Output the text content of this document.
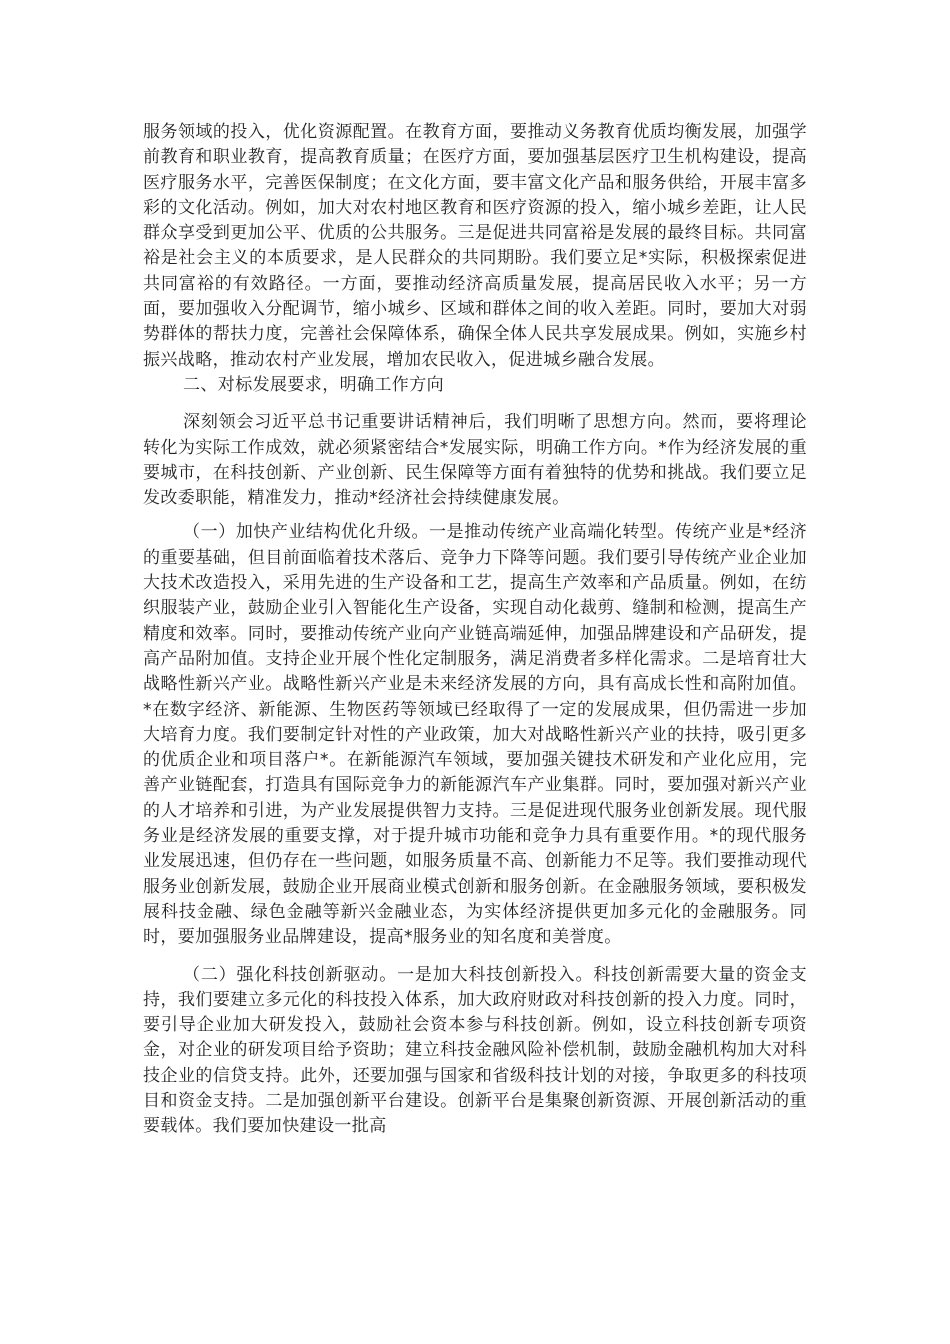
服务领域的投入，优化资源配置。在教育方面，要推动义务教育优质均衡发展，加强学前教育和职业教育，提高教育质量；在医疗方面，要加强基层医疗卫生机构建设，提高医疗服务水平，完善医保制度；在文化方面，要丰富文化产品和服务供给，开展丰富多彩的文化活动。例如，加大对农村地区教育和医疗资源的投入，缩小城乡差距，让人民群众享受到更加公平、优质的公共服务。三是促进共同富裕是发展的最终目标。共同富裕是社会主义的本质要求，是人民群众的共同期盼。我们要立足*实际，积极探索促进共同富裕的有效路径。一方面，要推动经济高质量发展，提高居民收入水平；另一方面，要加强收入分配调节，缩小城乡、区域和群体之间的收入差距。同时，要加大对弱势群体的帮扶力度，完善社会保障体系，确保全体人民共享发展成果。例如，实施乡村振兴战略，推动农村产业发展，增加农民收入，促进城乡融合发展。

二、对标发展要求，明确工作方向

深刻领会习近平总书记重要讲话精神后，我们明晰了思想方向。然而，要将理论转化为实际工作成效，就必须紧密结合*发展实际，明确工作方向。*作为经济发展的重要城市，在科技创新、产业创新、民生保障等方面有着独特的优势和挑战。我们要立足发改委职能，精准发力，推动*经济社会持续健康发展。

（一）加快产业结构优化升级。一是推动传统产业高端化转型。传统产业是*经济的重要基础，但目前面临着技术落后、竞争力下降等问题。我们要引导传统产业企业加大技术改造投入，采用先进的生产设备和工艺，提高生产效率和产品质量。例如，在纺织服装产业，鼓励企业引入智能化生产设备，实现自动化裁剪、缝制和检测，提高生产精度和效率。同时，要推动传统产业向产业链高端延伸，加强品牌建设和产品研发，提高产品附加值。支持企业开展个性化定制服务，满足消费者多样化需求。二是培育壮大战略性新兴产业。战略性新兴产业是未来经济发展的方向，具有高成长性和高附加值。*在数字经济、新能源、生物医药等领域已经取得了一定的发展成果，但仍需进一步加大培育力度。我们要制定针对性的产业政策，加大对战略性新兴产业的扶持，吸引更多的优质企业和项目落户*。在新能源汽车领域，要加强关键技术研发和产业化应用，完善产业链配套，打造具有国际竞争力的新能源汽车产业集群。同时，要加强对新兴产业的人才培养和引进，为产业发展提供智力支持。三是促进现代服务业创新发展。现代服务业是经济发展的重要支撑，对于提升城市功能和竞争力具有重要作用。*的现代服务业发展迅速，但仍存在一些问题，如服务质量不高、创新能力不足等。我们要推动现代服务业创新发展，鼓励企业开展商业模式创新和服务创新。在金融服务领域，要积极发展科技金融、绿色金融等新兴金融业态，为实体经济提供更加多元化的金融服务。同时，要加强服务业品牌建设，提高*服务业的知名度和美誉度。

（二）强化科技创新驱动。一是加大科技创新投入。科技创新需要大量的资金支持，我们要建立多元化的科技投入体系，加大政府财政对科技创新的投入力度。同时，要引导企业加大研发投入，鼓励社会资本参与科技创新。例如，设立科技创新专项资金，对企业的研发项目给予资助；建立科技金融风险补偿机制，鼓励金融机构加大对科技企业的信贷支持。此外，还要加强与国家和省级科技计划的对接，争取更多的科技项目和资金支持。二是加强创新平台建设。创新平台是集聚创新资源、开展创新活动的重要载体。我们要加快建设一批高
